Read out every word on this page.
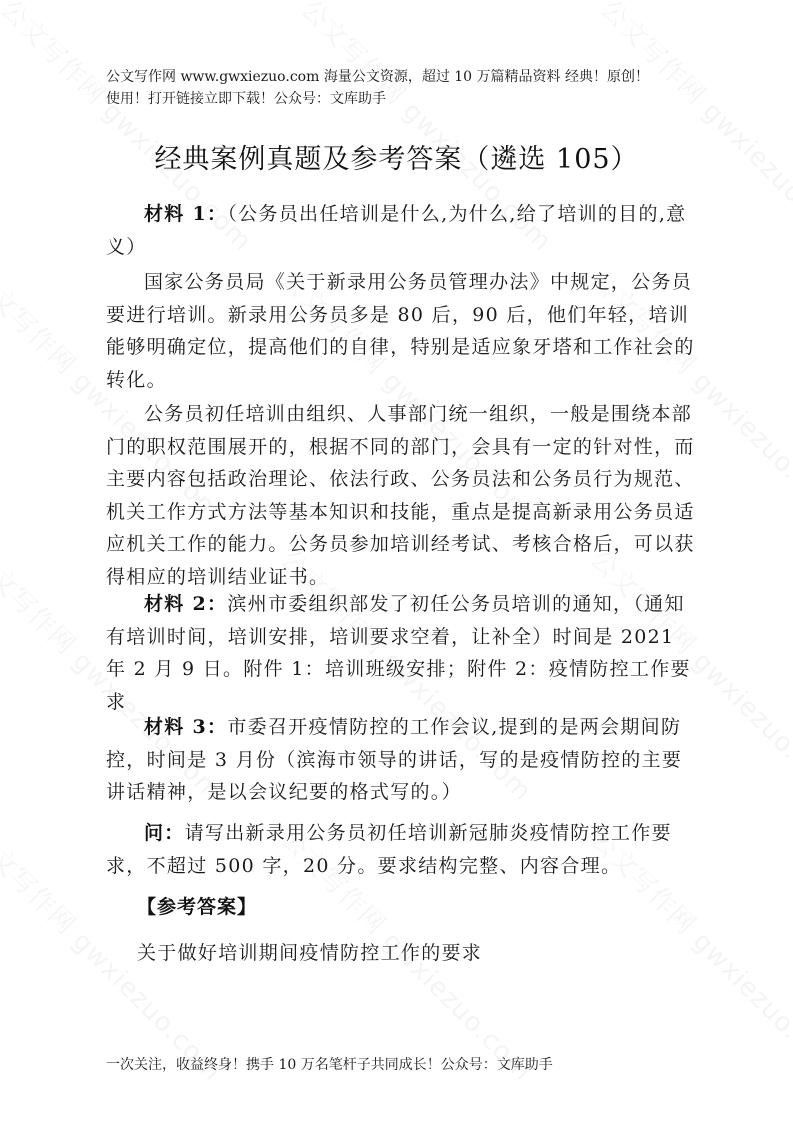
公文写作网 www.gwxiezuo.com 海量公文资源，超过 10 万篇精品资料 经典！原创！
使用！打开链接立即下载！公众号：文库助手
经典案例真题及参考答案（遴选 105）
材料 1：（公务员出任培训是什么,为什么,给了培训的目的,意义）
国家公务员局《关于新录用公务员管理办法》中规定，公务员要进行培训。新录用公务员多是 80 后，90 后，他们年轻，培训能够明确定位，提高他们的自律，特别是适应象牙塔和工作社会的转化。
公务员初任培训由组织、人事部门统一组织，一般是围绕本部门的职权范围展开的，根据不同的部门，会具有一定的针对性，而主要内容包括政治理论、依法行政、公务员法和公务员行为规范、机关工作方式方法等基本知识和技能，重点是提高新录用公务员适应机关工作的能力。公务员参加培训经考试、考核合格后，可以获得相应的培训结业证书。
材料 2：滨州市委组织部发了初任公务员培训的通知，（通知有培训时间，培训安排，培训要求空着，让补全）时间是 2021 年 2 月 9 日。附件 1：培训班级安排；附件 2：疫情防控工作要求
材料 3：市委召开疫情防控的工作会议,提到的是两会期间防控，时间是 3 月份（滨海市领导的讲话，写的是疫情防控的主要讲话精神，是以会议纪要的格式写的。）
问：请写出新录用公务员初任培训新冠肺炎疫情防控工作要求，不超过 500 字，20 分。要求结构完整、内容合理。
【参考答案】
关于做好培训期间疫情防控工作的要求
一次关注，收益终身！携手 10 万名笔杆子共同成长！公众号：文库助手
